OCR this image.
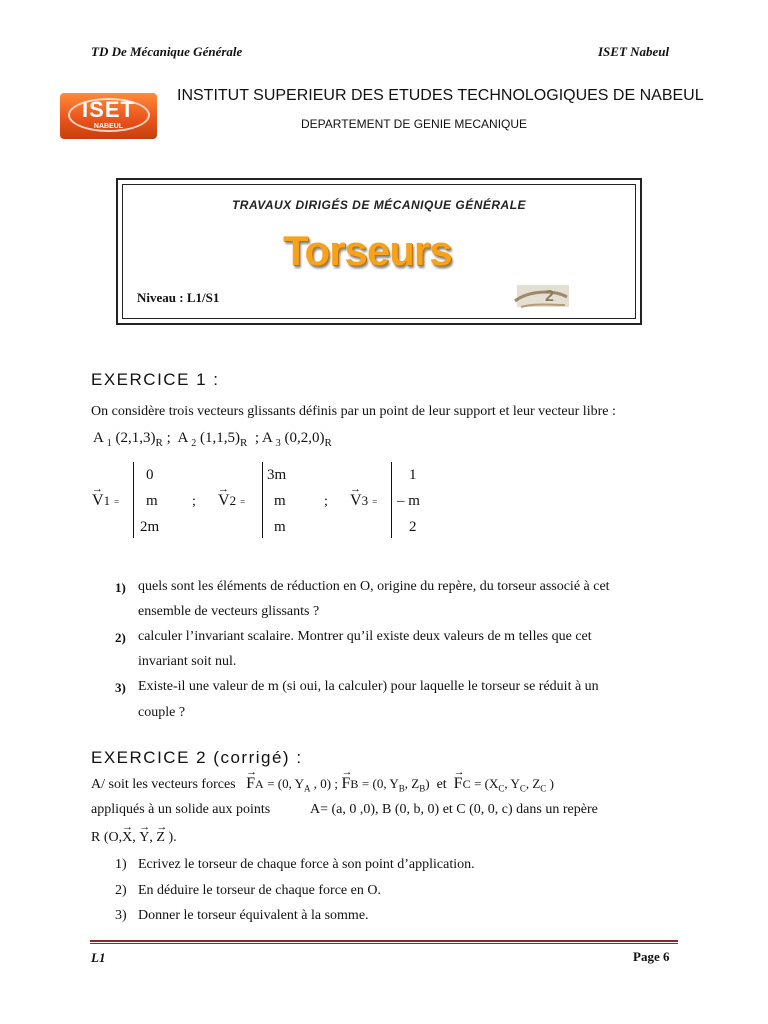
TD De Mécanique Générale	ISET Nabeul
ISET
NABEUL
INSTITUT SUPERIEUR DES ETUDES TECHNOLOGIQUES DE NABEUL
DEPARTEMENT DE GENIE MECANIQUE
TRAVAUX DIRIGÉS DE MÉCANIQUE GÉNÉRALE
Torseurs
Niveau : L1/S1	2
EXERCICE 1 :
On considère trois vecteurs glissants définis par un point de leur support et leur vecteur libre :
A $_1$ $(2,1,3)_R$ ; A $_2$ $(1,1,5)_R$ ; A $_3$ $(0,2,0)_R$
→ V1 =
0
m
2m
; → V2 =
3m
m
m
; → V3 =
1
– m
2
1) quels sont les éléments de réduction en O, origine du repère, du torseur associé à cet
ensemble de vecteurs glissants ?
2) calculer l’invariant scalaire. Montrer qu’il existe deux valeurs de m telles que cet
invariant soit nul.
3) Existe-il une valeur de m (si oui, la calculer) pour laquelle le torseur se réduit à un
couple ?
EXERCICE 2 (corrigé) :
A/ soit les vecteurs forces → FA = (0, $Y_A$ , 0) ; → FB = (0, $Y_B$, $Z_B$) et → FC = ($X_C$, $Y_C$, $Z_C$ )
appliqués à un solide aux points	A= (a, 0 ,0), B (0, b, 0) et C (0, 0, c) dans un repère
R (O,→ X, → Y, → Z ).
1) Ecrivez le torseur de chaque force à son point d’application.
2) En déduire le torseur de chaque force en O.
3) Donner le torseur équivalent à la somme.
L1	Page 6
